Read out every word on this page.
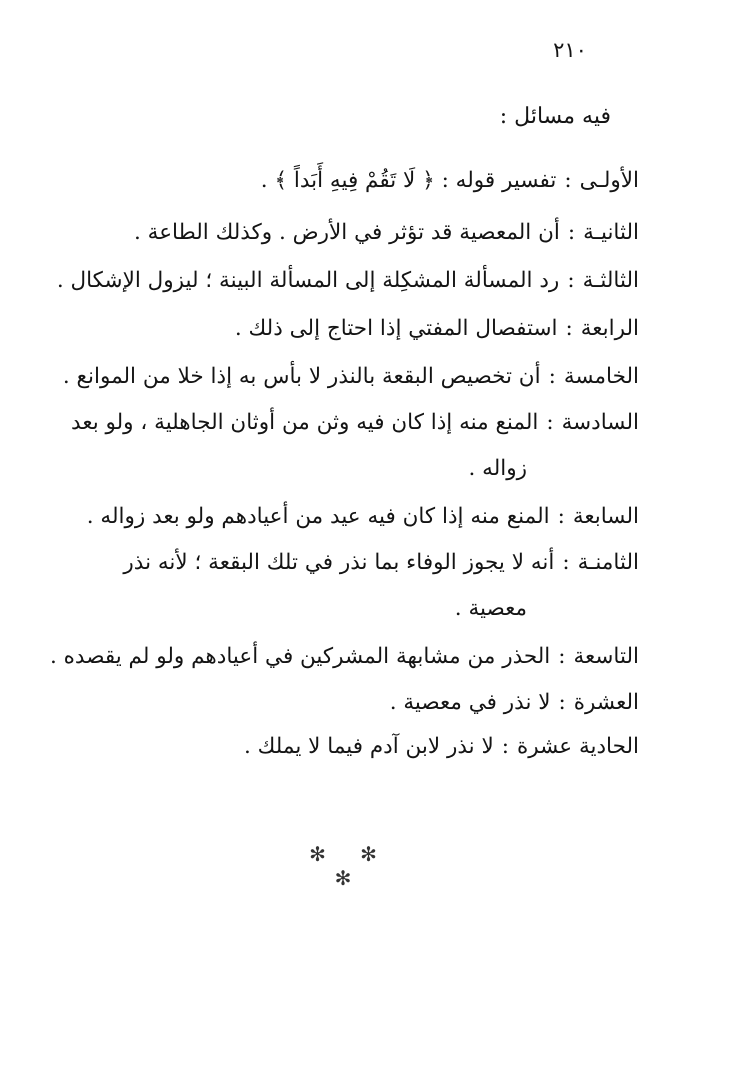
٢١٠
فيه مسائل :
الأولـى:تفسير قوله : ﴿ لَا تَقُمْ فِيهِ أَبَداً ﴾ .
الثانيـة:أن المعصية قد تؤثر في الأرض . وكذلك الطاعة .
الثالثـة:رد المسألة المشكِلة إلى المسألة البينة ؛ ليزول الإشكال .
الرابعة:استفصال المفتي إذا احتاج إلى ذلك .
الخامسة:أن تخصيص البقعة بالنذر لا بأس به إذا خلا من الموانع .
السادسة:المنع منه إذا كان فيه وثن من أوثان الجاهلية ، ولو بعد
زواله .
السابعة:المنع منه إذا كان فيه عيد من أعيادهم ولو بعد زواله .
الثامنـة:أنه لا يجوز الوفاء بما نذر في تلك البقعة ؛ لأنه نذر
معصية .
التاسعة:الحذر من مشابهة المشركين في أعيادهم ولو لم يقصده .
العشرة:لا نذر في معصية .
الحادية عشرة:لا نذر لابن آدم فيما لا يملك .
✻ ✻ ✻
